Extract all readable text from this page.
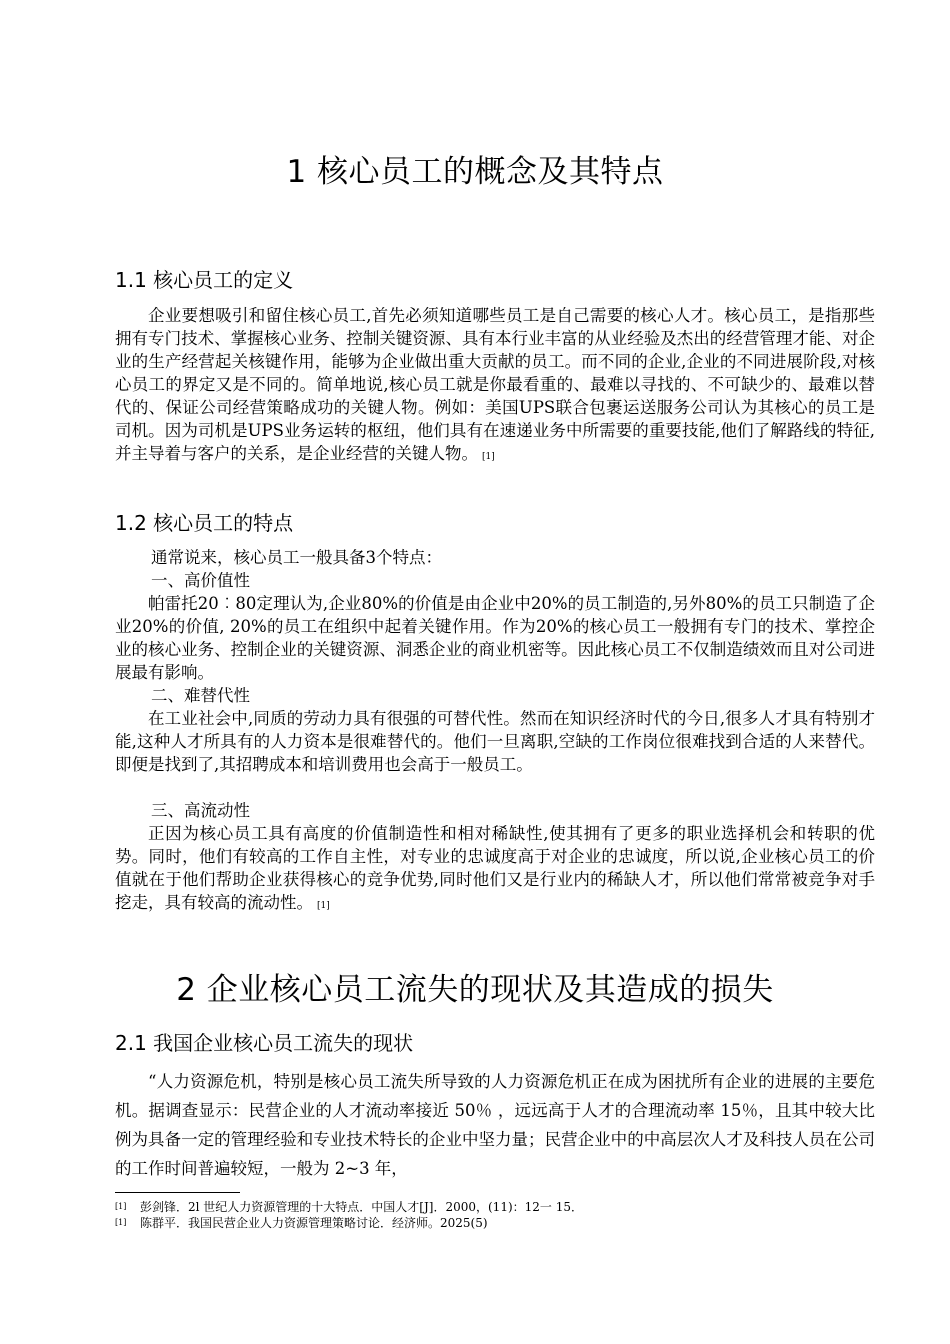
1 核心员工的概念及其特点
1.1 核心员工的定义

企业要想吸引和留住核心员工,首先必须知道哪些员工是自己需要的核心人才。核心员工，是指那些拥有专门技术、掌握核心业务、控制关键资源、具有本行业丰富的从业经验及杰出的经营管理才能、对企业的生产经营起关核键作用，能够为企业做出重大贡献的员工。而不同的企业,企业的不同进展阶段,对核心员工的界定又是不同的。简单地说,核心员工就是你最看重的、最难以寻找的、不可缺少的、最难以替代的、保证公司经营策略成功的关键人物。例如：美国UPS联合包裹运送服务公司认为其核心的员工是司机。因为司机是UPS业务运转的枢纽，他们具有在速递业务中所需要的重要技能,他们了解路线的特征,并主导着与客户的关系，是企业经营的关键人物。 [1]

1.2 核心员工的特点
通常说来，核心员工一般具备3个特点：
一、高价值性

帕雷托20︰80定理认为,企业80%的价值是由企业中20%的员工制造的,另外80%的员工只制造了企业20%的价值, 20%的员工在组织中起着关键作用。作为20%的核心员工一般拥有专门的技术、掌控企业的核心业务、控制企业的关键资源、洞悉企业的商业机密等。因此核心员工不仅制造绩效而且对公司进展最有影响。

二、难替代性

在工业社会中,同质的劳动力具有很强的可替代性。然而在知识经济时代的今日,很多人才具有特别才能,这种人才所具有的人力资本是很难替代的。他们一旦离职,空缺的工作岗位很难找到合适的人来替代。即便是找到了,其招聘成本和培训费用也会高于一般员工。

三、高流动性

正因为核心员工具有高度的价值制造性和相对稀缺性,使其拥有了更多的职业选择机会和转职的优势。同时，他们有较高的工作自主性，对专业的忠诚度高于对企业的忠诚度，所以说,企业核心员工的价值就在于他们帮助企业获得核心的竞争优势,同时他们又是行业内的稀缺人才，所以他们常常被竞争对手挖走，具有较高的流动性。 [1]

2 企业核心员工流失的现状及其造成的损失
2.1 我国企业核心员工流失的现状

“人力资源危机，特别是核心员工流失所导致的人力资源危机正在成为困扰所有企业的进展的主要危机。据调查显示：民营企业的人才流动率接近 50％ ，远远高于人才的合理流动率 15％，且其中较大比例为具备一定的管理经验和专业技术特长的企业中坚力量；民营企业中的中高层次人才及科技人员在公司的工作时间普遍较短，一般为 2~3 年，

[1] 彭剑锋．2l 世纪人力资源管理的十大特点．中国人才[J]．2000，(11)：12一 15．
[1] 陈群平．我国民营企业人力资源管理策略讨论．经济师。2025(5)
